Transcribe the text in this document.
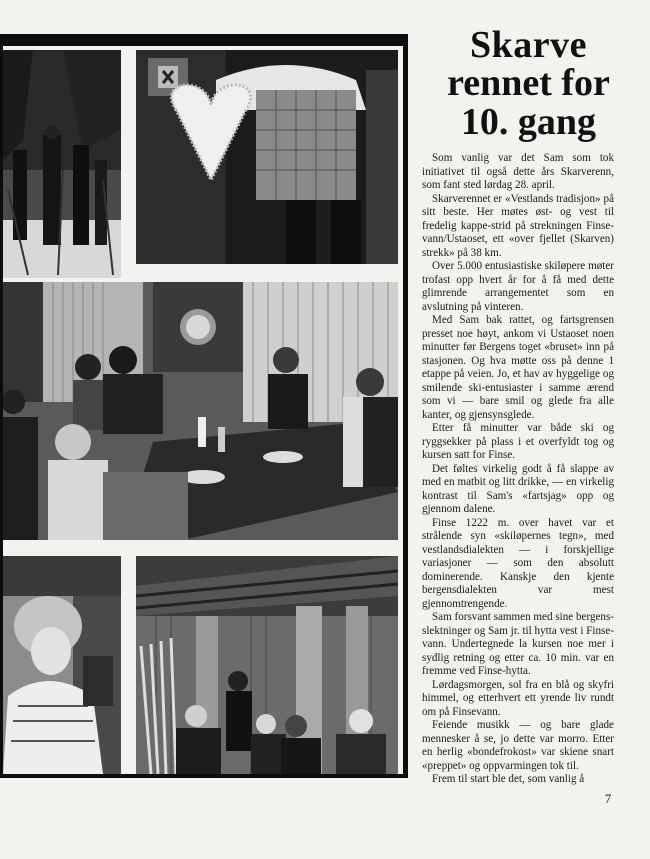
Skarve
rennet for
10. gang

Som vanlig var det Sam som tok initiativet til også dette års Skarverenn, som fant sted lørdag 28. april.

Skarverennet er «Vestlands tradisjon» på sitt beste. Her møtes øst- og vest til fredelig kappe-strid på strekningen Finse-vann/Ustaoset, ett «over fjellet (Skarven) strekk» på 38 km.

Over 5.000 entusiastiske skiløpere møter trofast opp hvert år for å få med dette glimrende arrangementet som en avslutning på vinteren.

Med Sam bak rattet, og fartsgrensen presset noe høyt, ankom vi Ustaoset noen minutter før Bergens toget «bruset» inn på stasjonen. Og hva møtte oss på denne 1 etappe på veien. Jo, et hav av hyggelige og smilende ski-entusiaster i samme ærend som vi — bare smil og glede fra alle kanter, og gjensynsglede.

Etter få minutter var både ski og ryggsekker på plass i et overfyldt tog og kursen satt for Finse.

Det føltes virkelig godt å få slappe av med en matbit og litt drikke, — en virkelig kontrast til Sam's «fartsjag» opp og gjennom dalene.

Finse 1222 m. over havet var et strålende syn «skiløpernes tegn», med vestlandsdialekten — i forskjellige variasjoner — som den absolutt dominerende. Kanskje den kjente bergensdialekten var mest gjennomtrengende.

Sam forsvant sammen med sine bergens-slektninger og Sam jr. til hytta vest i Finse-vann. Undertegnede la kursen noe mer i sydlig retning og etter ca. 10 min. var en fremme ved Finse-hytta.

Lørdagsmorgen, sol fra en blå og skyfri himmel, og etterhvert ett yrende liv rundt om på Finsevann.

Feiende musikk — og bare glade mennesker å se, jo dette var morro. Etter en herlig «bondefrokost» var skiene snart «preppet» og oppvarmingen tok til.

Frem til start ble det, som vanlig å

7
